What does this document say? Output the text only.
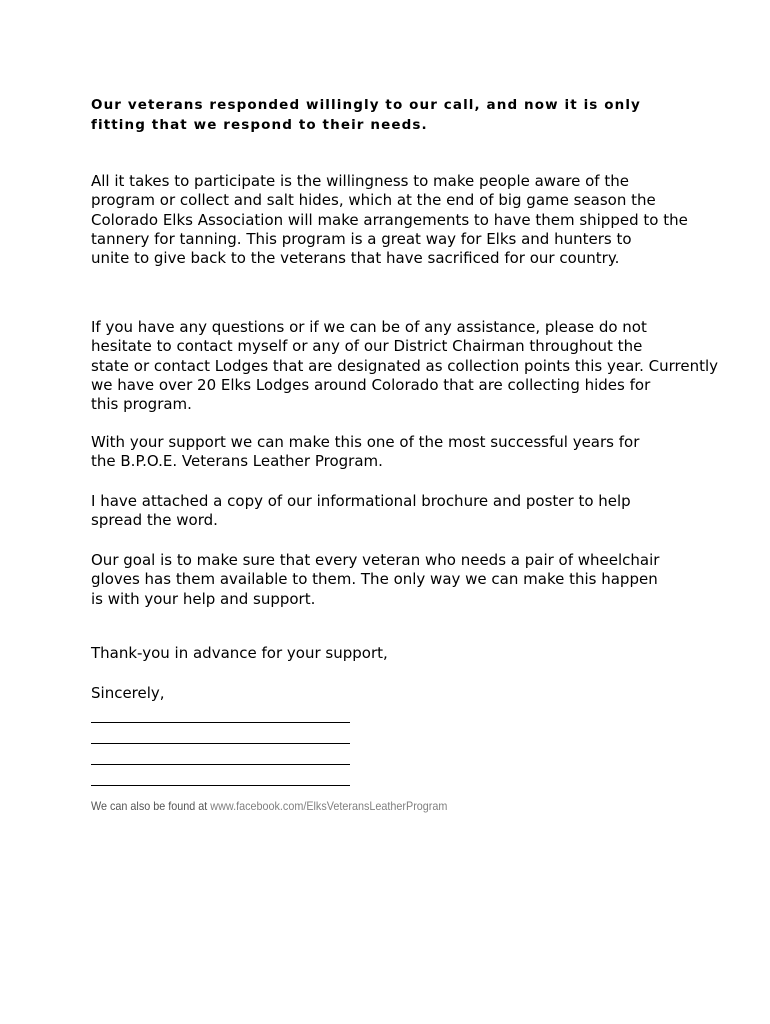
Our veterans responded willingly to our call, and now it is only
fitting that we respond to their needs.

All it takes to participate is the willingness to make people aware of the
program or collect and salt hides, which at the end of big game season the
Colorado Elks Association will make arrangements to have them shipped to the
tannery for tanning. This program is a great way for Elks and hunters to
unite to give back to the veterans that have sacrificed for our country.

If you have any questions or if we can be of any assistance, please do not
hesitate to contact myself or any of our District Chairman throughout the
state or contact Lodges that are designated as collection points this year. Currently
we have over 20 Elks Lodges around Colorado that are collecting hides for
this program.

With your support we can make this one of the most successful years for
the B.P.O.E. Veterans Leather Program.

I have attached a copy of our informational brochure and poster to help
spread the word.

Our goal is to make sure that every veteran who needs a pair of wheelchair
gloves has them available to them. The only way we can make this happen
is with your help and support.

Thank-you in advance for your support,

Sincerely,

We can also be found at www.facebook.com/ElksVeteransLeatherProgram
